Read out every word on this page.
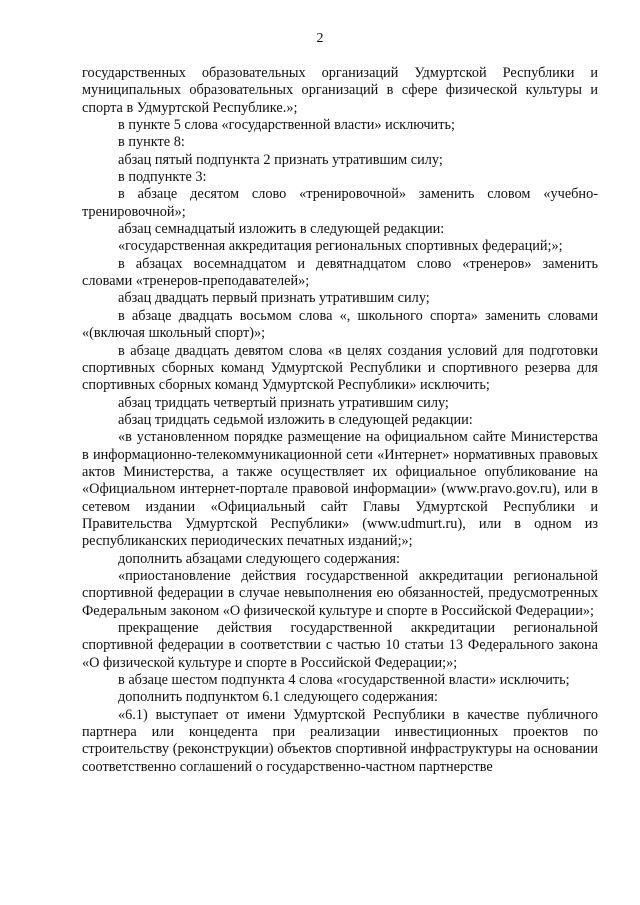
2

государственных образовательных организаций Удмуртской Республики и муниципальных образовательных организаций в сфере физической культуры и спорта в Удмуртской Республике.»;

в пункте 5 слова «государственной власти» исключить;

в пункте 8:

абзац пятый подпункта 2 признать утратившим силу;

в подпункте 3:

в абзаце десятом слово «тренировочной» заменить словом «учебно-тренировочной»;

абзац семнадцатый изложить в следующей редакции:

«государственная аккредитация региональных спортивных федераций;»;

в абзацах восемнадцатом и девятнадцатом слово «тренеров» заменить словами «тренеров-преподавателей»;

абзац двадцать первый признать утратившим силу;

в абзаце двадцать восьмом слова «, школьного спорта» заменить словами «(включая школьный спорт)»;

в абзаце двадцать девятом слова «в целях создания условий для подготовки спортивных сборных команд Удмуртской Республики и спортивного резерва для спортивных сборных команд Удмуртской Республики» исключить;

абзац тридцать четвертый признать утратившим силу;

абзац тридцать седьмой изложить в следующей редакции:

«в установленном порядке размещение на официальном сайте Министерства в информационно-телекоммуникационной сети «Интернет» нормативных правовых актов Министерства, а также осуществляет их официальное опубликование на «Официальном интернет-портале правовой информации» (www.pravo.gov.ru), или в сетевом издании «Официальный сайт Главы Удмуртской Республики и Правительства Удмуртской Республики» (www.udmurt.ru), или в одном из республиканских периодических печатных изданий;»;

дополнить абзацами следующего содержания:

«приостановление действия государственной аккредитации региональной спортивной федерации в случае невыполнения ею обязанностей, предусмотренных Федеральным законом «О физической культуре и спорте в Российской Федерации»;

прекращение действия государственной аккредитации региональной спортивной федерации в соответствии с частью 10 статьи 13 Федерального закона «О физической культуре и спорте в Российской Федерации;»;

в абзаце шестом подпункта 4 слова «государственной власти» исключить;

дополнить подпунктом 6.1 следующего содержания:

«6.1) выступает от имени Удмуртской Республики в качестве публичного партнера или концедента при реализации инвестиционных проектов по строительству (реконструкции) объектов спортивной инфраструктуры на основании соответственно соглашений о государственно-частном партнерстве
